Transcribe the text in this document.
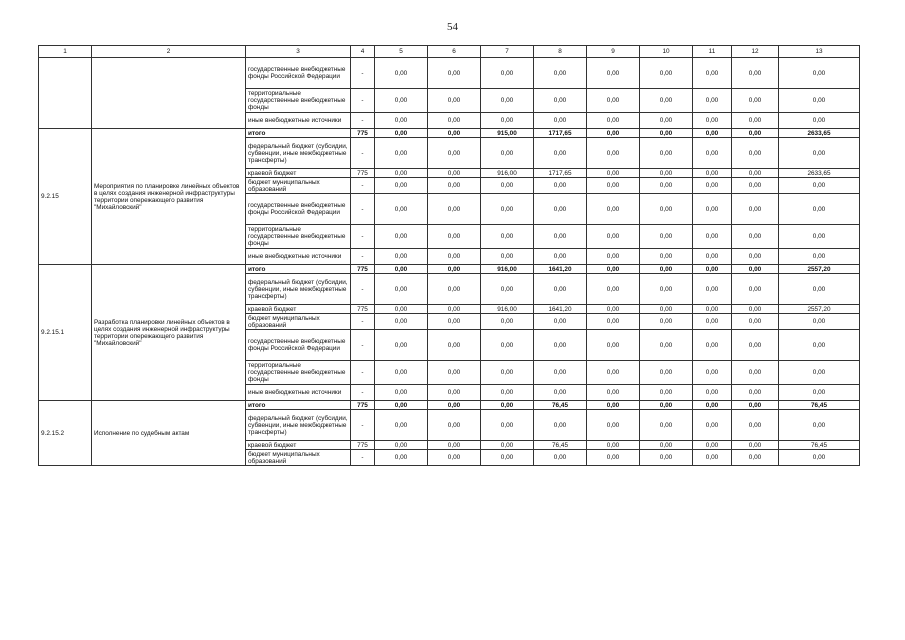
54
1	2	3	4	5	6	7	8	9	10	11	12	13
		государственные внебюджетные фонды Российской Федерации	-	0,00	0,00	0,00	0,00	0,00	0,00	0,00	0,00	0,00
		территориальные государственные внебюджетные фонды	-	0,00	0,00	0,00	0,00	0,00	0,00	0,00	0,00	0,00
		иные внебюджетные источники	-	0,00	0,00	0,00	0,00	0,00	0,00	0,00	0,00	0,00
9.2.15	Мероприятия по планировке линейных объектов в целях создания инженерной инфраструктуры территории опережающего развития "Михайловский"	итого	775	0,00	0,00	915,00	1717,65	0,00	0,00	0,00	0,00	2633,65
		федеральный бюджет (субсидии, субвенции, иные межбюджетные трансферты)	-	0,00	0,00	0,00	0,00	0,00	0,00	0,00	0,00	0,00
		краевой бюджет	775	0,00	0,00	916,00	1717,65	0,00	0,00	0,00	0,00	2633,65
		бюджет муниципальных образований	-	0,00	0,00	0,00	0,00	0,00	0,00	0,00	0,00	0,00
		государственные внебюджетные фонды Российской Федерации	-	0,00	0,00	0,00	0,00	0,00	0,00	0,00	0,00	0,00
		территориальные государственные внебюджетные фонды	-	0,00	0,00	0,00	0,00	0,00	0,00	0,00	0,00	0,00
		иные внебюджетные источники	-	0,00	0,00	0,00	0,00	0,00	0,00	0,00	0,00	0,00
9.2.15.1	Разработка планировки линейных объектов в целях создания инженерной инфраструктуры территории опережающего развития "Михайловский"	итого	775	0,00	0,00	916,00	1641,20	0,00	0,00	0,00	0,00	2557,20
		федеральный бюджет (субсидии, субвенции, иные межбюджетные трансферты)	-	0,00	0,00	0,00	0,00	0,00	0,00	0,00	0,00	0,00
		краевой бюджет	775	0,00	0,00	916,00	1641,20	0,00	0,00	0,00	0,00	2557,20
		бюджет муниципальных образований	-	0,00	0,00	0,00	0,00	0,00	0,00	0,00	0,00	0,00
		государственные внебюджетные фонды Российской Федерации	-	0,00	0,00	0,00	0,00	0,00	0,00	0,00	0,00	0,00
		территориальные государственные внебюджетные фонды	-	0,00	0,00	0,00	0,00	0,00	0,00	0,00	0,00	0,00
		иные внебюджетные источники	-	0,00	0,00	0,00	0,00	0,00	0,00	0,00	0,00	0,00
9.2.15.2	Исполнение по судебным актам	итого	775	0,00	0,00	0,00	76,45	0,00	0,00	0,00	0,00	76,45
		федеральный бюджет (субсидии, субвенции, иные межбюджетные трансферты)	-	0,00	0,00	0,00	0,00	0,00	0,00	0,00	0,00	0,00
		краевой бюджет	775	0,00	0,00	0,00	76,45	0,00	0,00	0,00	0,00	76,45
		бюджет муниципальных образований	-	0,00	0,00	0,00	0,00	0,00	0,00	0,00	0,00	0,00
